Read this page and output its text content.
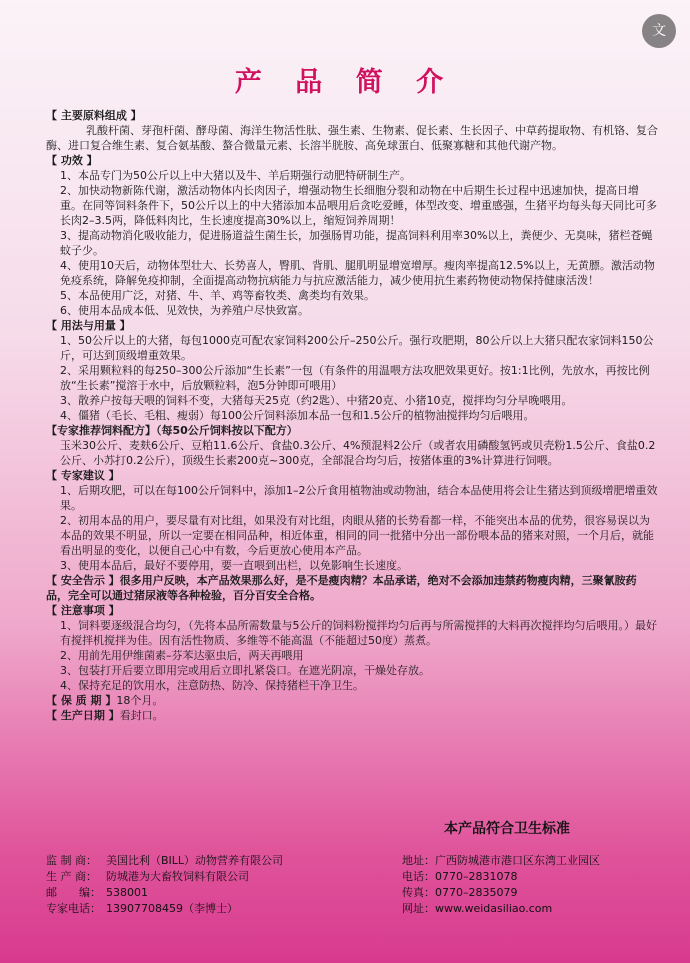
文
产 品 简 介
【 主要原料组成 】
乳酸杆菌、芽孢杆菌、酵母菌、海洋生物活性肽、强生素、生物素、促长素、生长因子、中草药提取物、有机铬、复合酶、进口复合维生素、复合氨基酸、螯合微量元素、长溶半胱胺、高免球蛋白、低聚寡糖和其他代谢产物。
【 功效 】
1、本品专门为50公斤以上中大猪以及牛、羊后期强行动肥特研制生产。
2、加快动物新陈代谢，激活动物体内长肉因子，增强动物生长细胞分裂和动物在中后期生长过程中迅速加快，提高日增重。在同等饲料条件下，50公斤以上的中大猪添加本品喂用后贪吃爱睡，体型改变、增重感强，生猪平均每头每天同比可多长肉2–3.5两，降低料肉比，生长速度提高30%以上，缩短饲养周期！
3、提高动物消化吸收能力，促进肠道益生菌生长，加强肠胃功能，提高饲料利用率30%以上，粪便少、无臭味，猪栏苍蝇蚊子少。
4、使用10天后，动物体型壮大、长势喜人，臀肌、背肌、腿肌明显增宽增厚。瘦肉率提高12.5%以上，无黄膘。激活动物免疫系统，降解免疫抑制，全面提高动物抗病能力与抗应激活能力，减少使用抗生素药物使动物保持健康活泼！
5、本品使用广泛，对猪、牛、羊、鸡等畜牧类、禽类均有效果。
6、使用本品成本低、见效快，为养殖户尽快致富。
【 用法与用量 】
1、50公斤以上的大猪，每包1000克可配农家饲料200公斤–250公斤。强行攻肥期，80公斤以上大猪只配农家饲料150公斤，可达到顶级增重效果。
2、采用颗粒料的每250–300公斤添加“生长素”一包（有条件的用温喂方法攻肥效果更好。按1:1比例，先放水，再按比例放“生长素”搅溶于水中，后放颗粒料，泡5分钟即可喂用）
3、散养户按每天喂的饲料不变，大猪每天25克（约2匙）、中猪20克、小猪10克，搅拌均匀分早晚喂用。
4、僵猪（毛长、毛粗、瘦弱）每100公斤饲料添加本品一包和1.5公斤的植物油搅拌均匀后喂用。
【专家推荐饲料配方】（每50公斤饲料按以下配方）
玉米30公斤、麦麸6公斤、豆粕11.6公斤、食盐0.3公斤、4%预混料2公斤（或者农用磷酸氢钙或贝壳粉1.5公斤、食盐0.2公斤、小苏打0.2公斤），顶级生长素200克~300克，全部混合均匀后，按猪体重的3%计算进行饲喂。
【 专家建议 】
1、后期攻肥，可以在每100公斤饲料中，添加1–2公斤食用植物油或动物油，结合本品使用将会让生猪达到顶级增肥增重效果。
2、初用本品的用户，要尽量有对比组，如果没有对比组，肉眼从猪的长势看都一样，不能突出本品的优势，很容易误以为本品的效果不明显，所以一定要在相同品种，相近体重，相同的同一批猪中分出一部份喂本品的猪来对照，一个月后，就能看出明显的变化，以便自己心中有数，今后更放心使用本产品。
3、使用本品后，最好不要停用，要一直喂到出栏，以免影响生长速度。
【 安全告示 】很多用户反映，本产品效果那么好，是不是瘦肉精？本品承诺，绝对不会添加违禁药物瘦肉精，三聚氰胺药品，完全可以通过猪尿液等各种检验，百分百安全合格。
【 注意事项 】
1、饲料要逐级混合均匀，（先将本品所需数量与5公斤的饲料粉搅拌均匀后再与所需搅拌的大料再次搅拌均匀后喂用。）最好有搅拌机搅拌为佳。因有活性物质、多维等不能高温（不能超过50度）蒸煮。
2、用前先用伊维菌素–芬苯达驱虫后，两天再喂用
3、包装打开后要立即用完或用后立即扎紧袋口。在遮光阴凉，干燥处存放。
4、保持充足的饮用水，注意防热、防冷、保持猪栏干净卫生。
【 保 质 期 】18个月。
【 生产日期 】看封口。
本产品符合卫生标准
监 制 商： 美国比利（BILL）动物营养有限公司
生 产 商： 防城港为大畜牧饲料有限公司
邮　　编： 538001
专家电话： 13907708459（李博士）
地址：广西防城港市港口区东湾工业园区
电话：0770–2831078
传真：0770–2835079
网址：www.weidasiliao.com
